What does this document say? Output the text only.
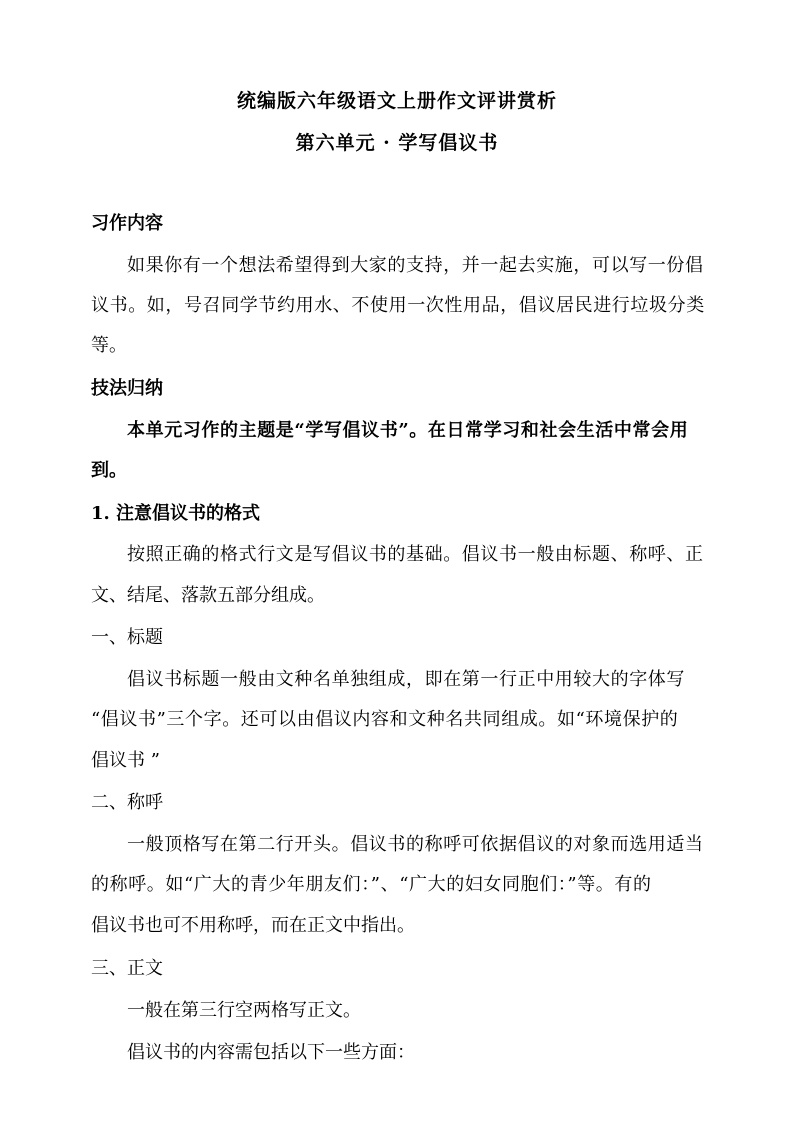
统编版六年级语文上册作文评讲赏析
第六单元 · 学写倡议书
习作内容
如果你有一个想法希望得到大家的支持，并一起去实施，可以写一份倡
议书。如，号召同学节约用水、不使用一次性用品，倡议居民进行垃圾分类
等。
技法归纳
本单元习作的主题是“学写倡议书”。在日常学习和社会生活中常会用
到。
1. 注意倡议书的格式
按照正确的格式行文是写倡议书的基础。倡议书一般由标题、称呼、正
文、结尾、落款五部分组成。
一、标题
倡议书标题一般由文种名单独组成，即在第一行正中用较大的字体写
“倡议书”三个字。还可以由倡议内容和文种名共同组成。如“环境保护的
倡议书 ”
二、称呼
一般顶格写在第二行开头。倡议书的称呼可依据倡议的对象而选用适当
的称呼。如“广大的青少年朋友们：”、“广大的妇女同胞们：”等。有的
倡议书也可不用称呼，而在正文中指出。
三、正文
一般在第三行空两格写正文。
倡议书的内容需包括以下一些方面：
